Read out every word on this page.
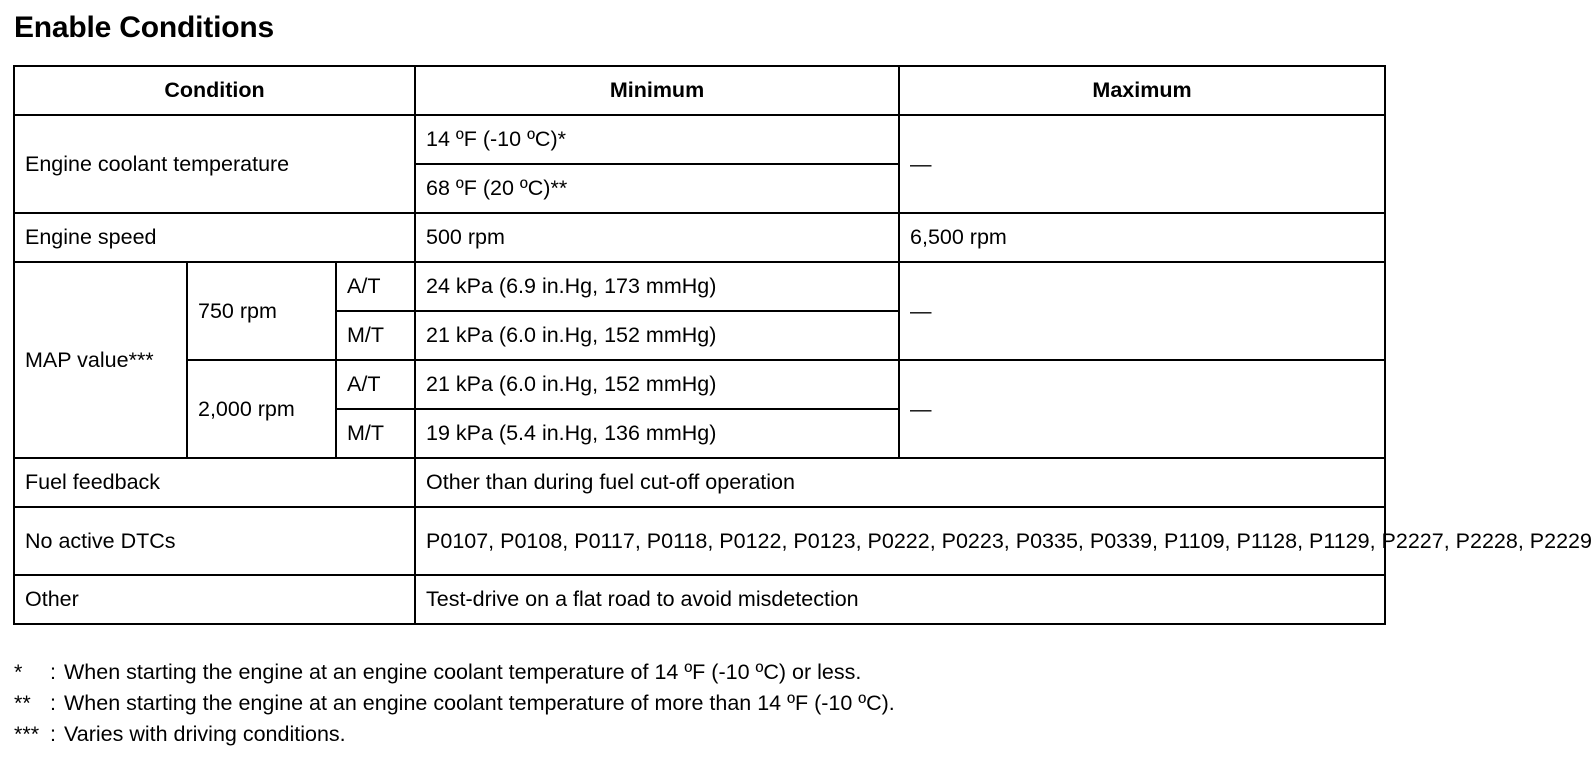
Enable Conditions
Condition			Minimum	Maximum
Engine coolant temperature			14 ºF (-10 ºC)*	—
			68 ºF (20 ºC)**	
Engine speed			500 rpm	6,500 rpm
MAP value***	750 rpm	A/T	24 kPa (6.9 in.Hg, 173 mmHg)	—
		M/T	21 kPa (6.0 in.Hg, 152 mmHg)	
	2,000 rpm	A/T	21 kPa (6.0 in.Hg, 152 mmHg)	—
		M/T	19 kPa (5.4 in.Hg, 136 mmHg)	
Fuel feedback			Other than during fuel cut-off operation	
No active DTCs			P0107, P0108, P0117, P0118, P0122, P0123, P0222, P0223, P0335, P0339, P1109, P1128, P1129, P2227, P2228, P2229	
Other			Test-drive on a flat road to avoid misdetection	
*	: When starting the engine at an engine coolant temperature of 14 ºF (-10 ºC) or less.
** : When starting the engine at an engine coolant temperature of more than 14 ºF (-10 ºC).
*** : Varies with driving conditions.
